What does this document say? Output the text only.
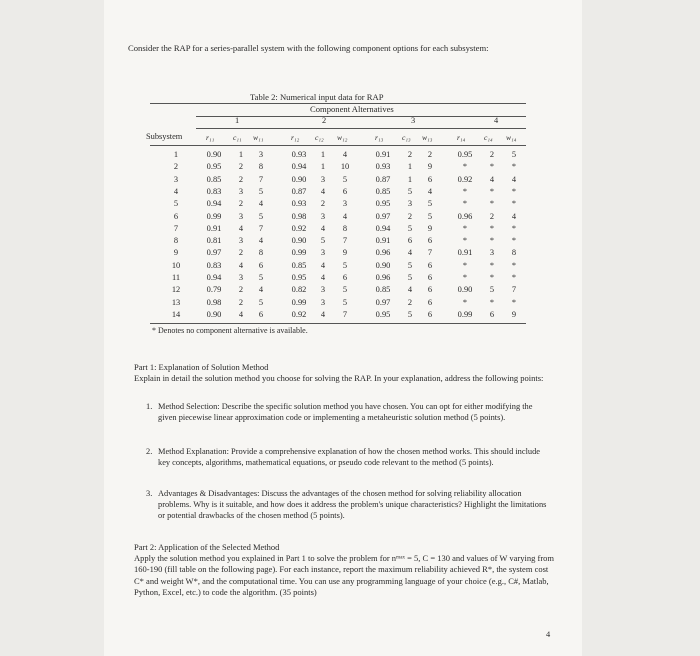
Consider the RAP for a series-parallel system with the following component options for each subsystem:
Table 2: Numerical input data for RAP
Component Alternatives
1	2	3	4
Subsystem	r₁₁ c₁₁ w₁₁	r₁₂ c₁₂ w₁₂	r₁₃ c₁₃ w₁₃	r₁₄ c₁₄ w₁₄
1	0.90	1	3	0.93	1	4	0.91	2	2	0.95	2	5
2	0.95	2	8	0.94	1	10	0.93	1	9	*	*	*
3	0.85	2	7	0.90	3	5	0.87	1	6	0.92	4	4
4	0.83	3	5	0.87	4	6	0.85	5	4	*	*	*
5	0.94	2	4	0.93	2	3	0.95	3	5	*	*	*
6	0.99	3	5	0.98	3	4	0.97	2	5	0.96	2	4
7	0.91	4	7	0.92	4	8	0.94	5	9	*	*	*
8	0.81	3	4	0.90	5	7	0.91	6	6	*	*	*
9	0.97	2	8	0.99	3	9	0.96	4	7	0.91	3	8
10	0.83	4	6	0.85	4	5	0.90	5	6	*	*	*
11	0.94	3	5	0.95	4	6	0.96	5	6	*	*	*
12	0.79	2	4	0.82	3	5	0.85	4	6	0.90	5	7
13	0.98	2	5	0.99	3	5	0.97	2	6	*	*	*
14	0.90	4	6	0.92	4	7	0.95	5	6	0.99	6	9
* Denotes no component alternative is available.
Part 1: Explanation of Solution Method
Explain in detail the solution method you choose for solving the RAP. In your explanation, address the following points:
1. Method Selection: Describe the specific solution method you have chosen. You can opt for either modifying the given piecewise linear approximation code or implementing a metaheuristic solution method (5 points).
2. Method Explanation: Provide a comprehensive explanation of how the chosen method works. This should include key concepts, algorithms, mathematical equations, or pseudo code relevant to the method (5 points).
3. Advantages & Disadvantages: Discuss the advantages of the chosen method for solving reliability allocation problems. Why is it suitable, and how does it address the problem's unique characteristics? Highlight the limitations or potential drawbacks of the chosen method (5 points).
Part 2: Application of the Selected Method
Apply the solution method you explained in Part 1 to solve the problem for nᵐᵃˣ = 5, C = 130 and values of W varying from 160-190 (fill table on the following page). For each instance, report the maximum reliability achieved R*, the system cost C* and weight W*, and the computational time. You can use any programming language of your choice (e.g., C#, Matlab, Python, Excel, etc.) to code the algorithm. (35 points)
4
